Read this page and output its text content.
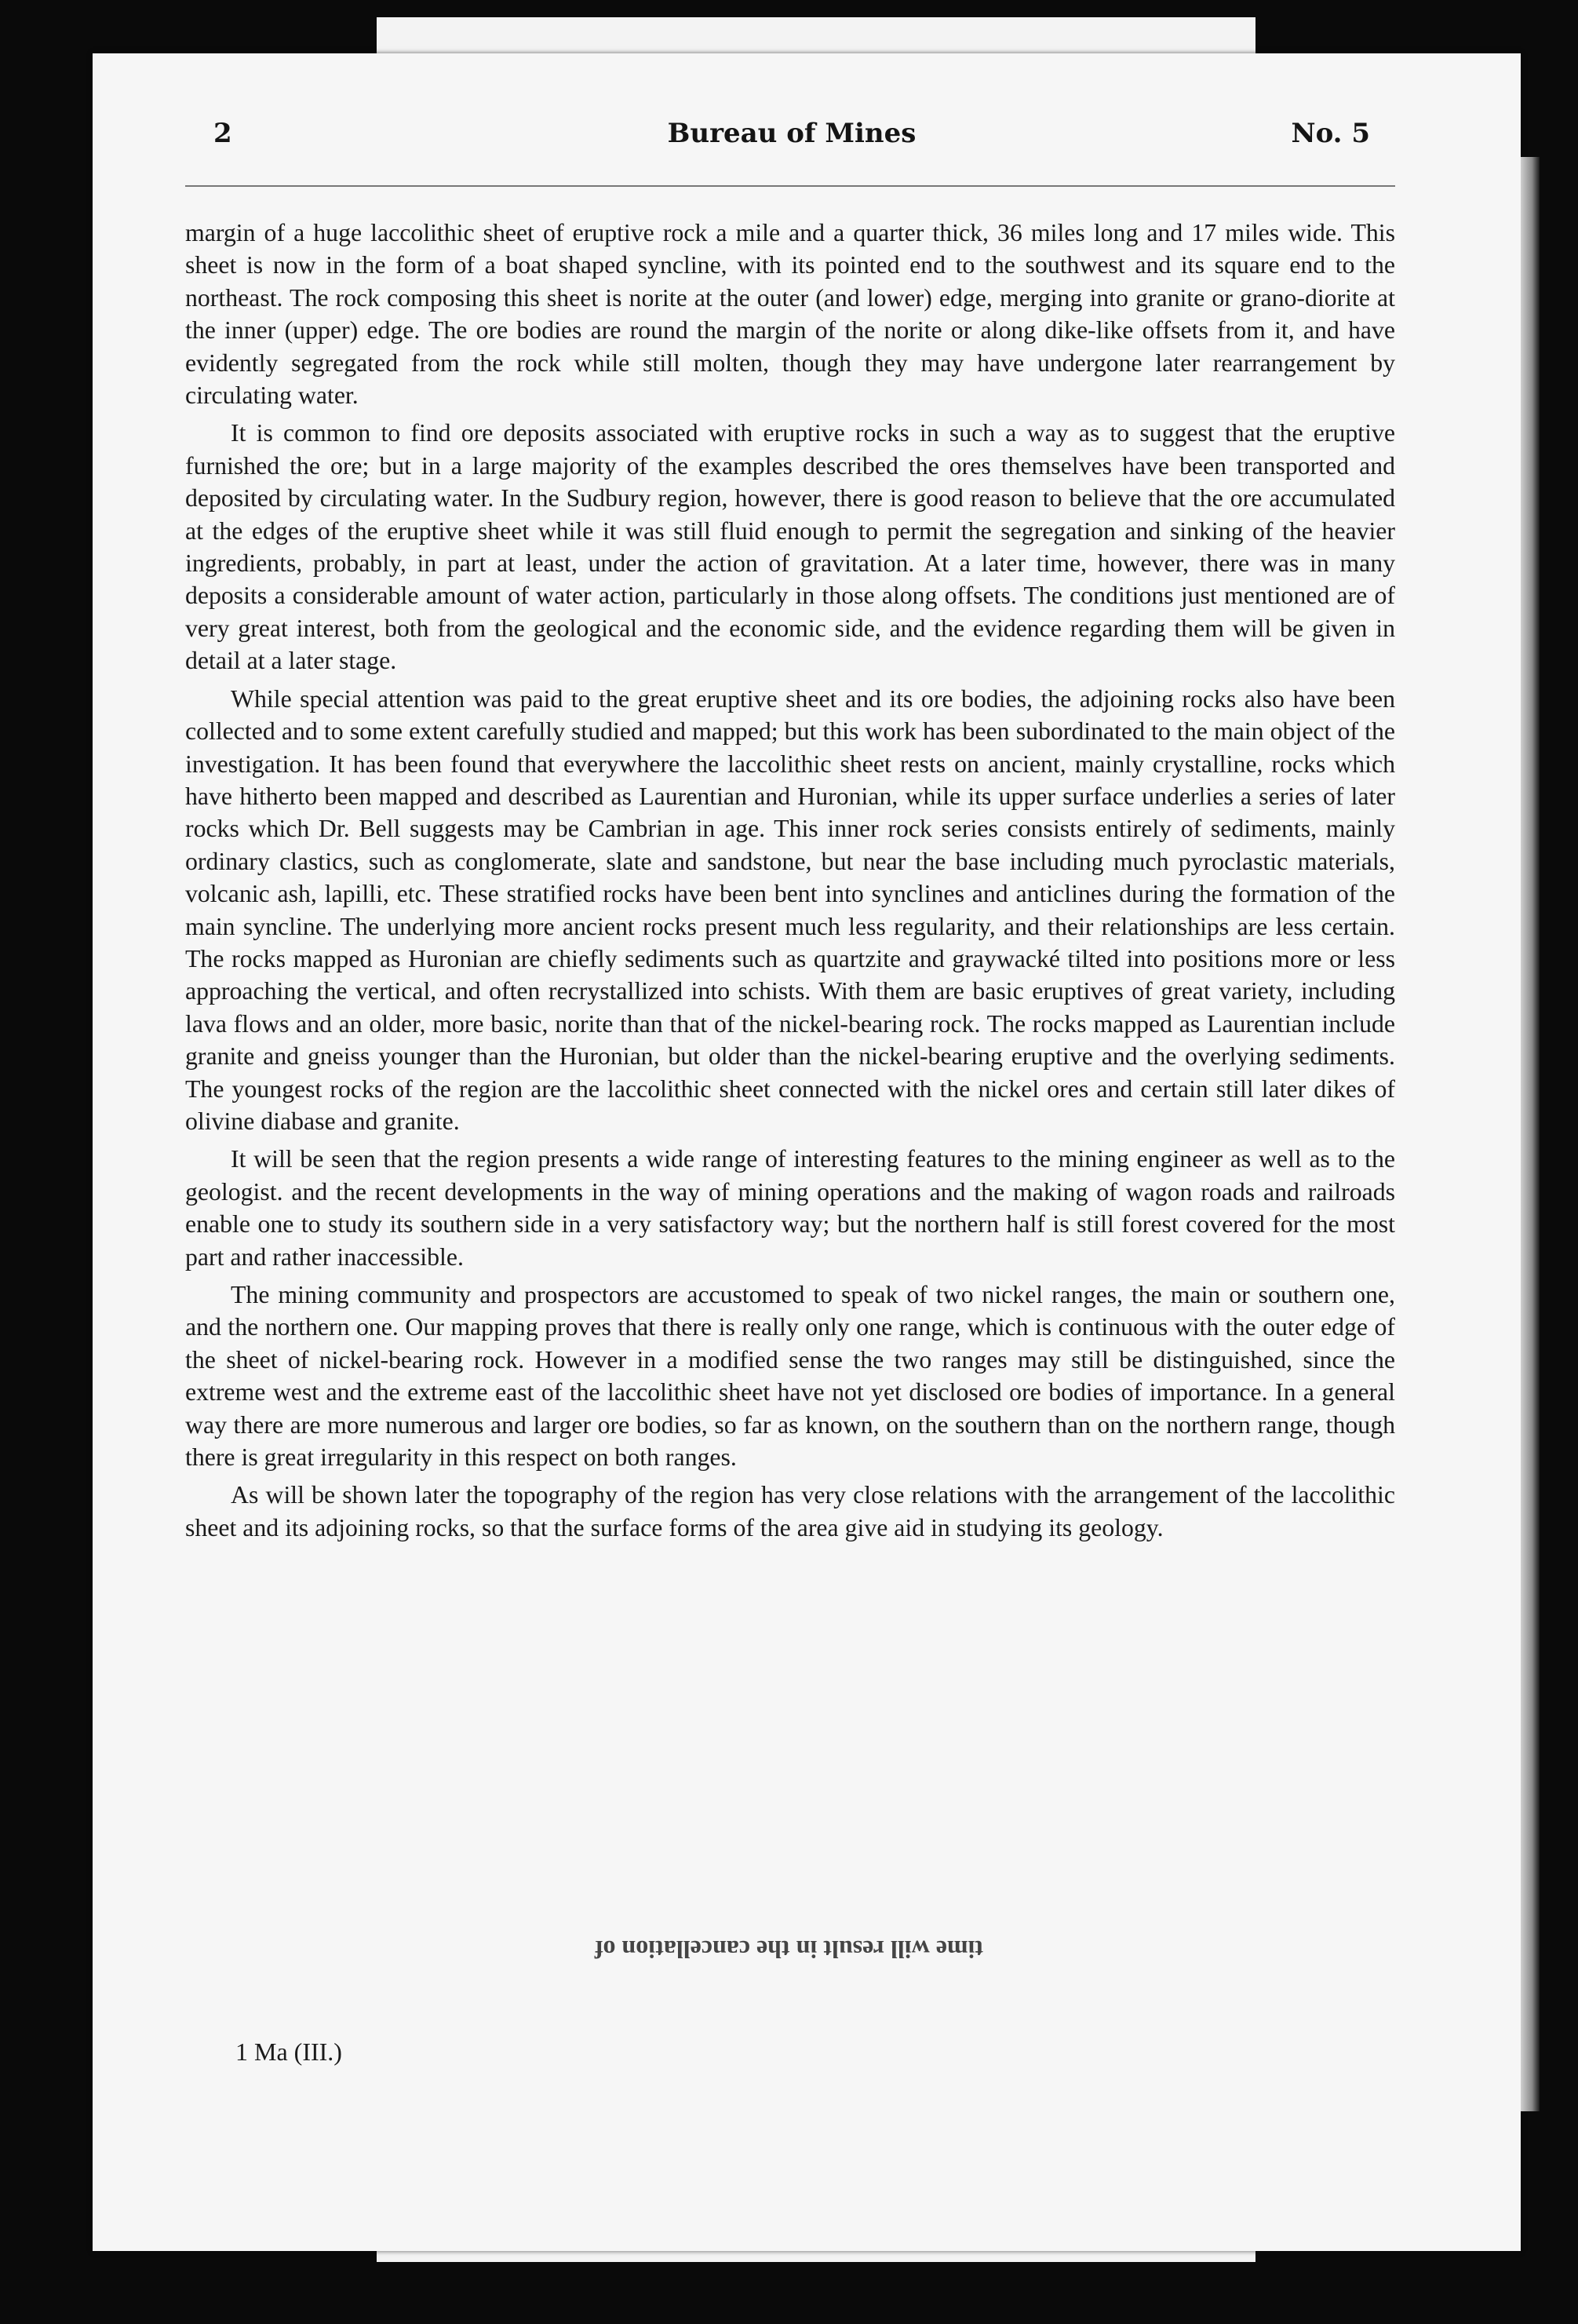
2	Bureau of Mines	No. 5

margin of a huge laccolithic sheet of eruptive rock a mile and a quarter thick, 36 miles long and 17 miles wide. This sheet is now in the form of a boat shaped syncline, with its pointed end to the southwest and its square end to the northeast. The rock composing this sheet is norite at the outer (and lower) edge, merging into granite or grano-diorite at the inner (upper) edge. The ore bodies are round the margin of the norite or along dike-like offsets from it, and have evidently segregated from the rock while still molten, though they may have undergone later rearrangement by circulating water.

It is common to find ore deposits associated with eruptive rocks in such a way as to suggest that the eruptive furnished the ore; but in a large majority of the examples described the ores themselves have been transported and deposited by circulating water. In the Sudbury region, however, there is good reason to believe that the ore accumulated at the edges of the eruptive sheet while it was still fluid enough to permit the segregation and sinking of the heavier ingredients, probably, in part at least, under the action of gravitation. At a later time, however, there was in many deposits a considerable amount of water action, particularly in those along offsets. The conditions just mentioned are of very great interest, both from the geological and the economic side, and the evidence regarding them will be given in detail at a later stage.

While special attention was paid to the great eruptive sheet and its ore bodies, the adjoining rocks also have been collected and to some extent carefully studied and mapped; but this work has been subordinated to the main object of the investigation. It has been found that everywhere the laccolithic sheet rests on ancient, mainly crystalline, rocks which have hitherto been mapped and described as Laurentian and Huronian, while its upper surface underlies a series of later rocks which Dr. Bell suggests may be Cambrian in age. This inner rock series consists entirely of sediments, mainly ordinary clastics, such as conglomerate, slate and sandstone, but near the base including much pyroclastic materials, volcanic ash, lapilli, etc. These stratified rocks have been bent into synclines and anticlines during the formation of the main syncline. The underlying more ancient rocks present much less regularity, and their relationships are less certain. The rocks mapped as Huronian are chiefly sediments such as quartzite and graywacké tilted into positions more or less approaching the vertical, and often recrystallized into schists. With them are basic eruptives of great variety, including lava flows and an older, more basic, norite than that of the nickel-bearing rock. The rocks mapped as Laurentian include granite and gneiss younger than the Huronian, but older than the nickel-bearing eruptive and the overlying sediments. The youngest rocks of the region are the laccolithic sheet connected with the nickel ores and certain still later dikes of olivine diabase and granite.

It will be seen that the region presents a wide range of interesting features to the mining engineer as well as to the geologist. and the recent developments in the way of mining operations and the making of wagon roads and railroads enable one to study its southern side in a very satisfactory way; but the northern half is still forest covered for the most part and rather inaccessible.

The mining community and prospectors are accustomed to speak of two nickel ranges, the main or southern one, and the northern one. Our mapping proves that there is really only one range, which is continuous with the outer edge of the sheet of nickel-bearing rock. However in a modified sense the two ranges may still be distinguished, since the extreme west and the extreme east of the laccolithic sheet have not yet disclosed ore bodies of importance. In a general way there are more numerous and larger ore bodies, so far as known, on the southern than on the northern range, though there is great irregularity in this respect on both ranges.

As will be shown later the topography of the region has very close relations with the arrangement of the laccolithic sheet and its adjoining rocks, so that the surface forms of the area give aid in studying its geology.

1 Ma (III.)
time will result in the cancellation of
